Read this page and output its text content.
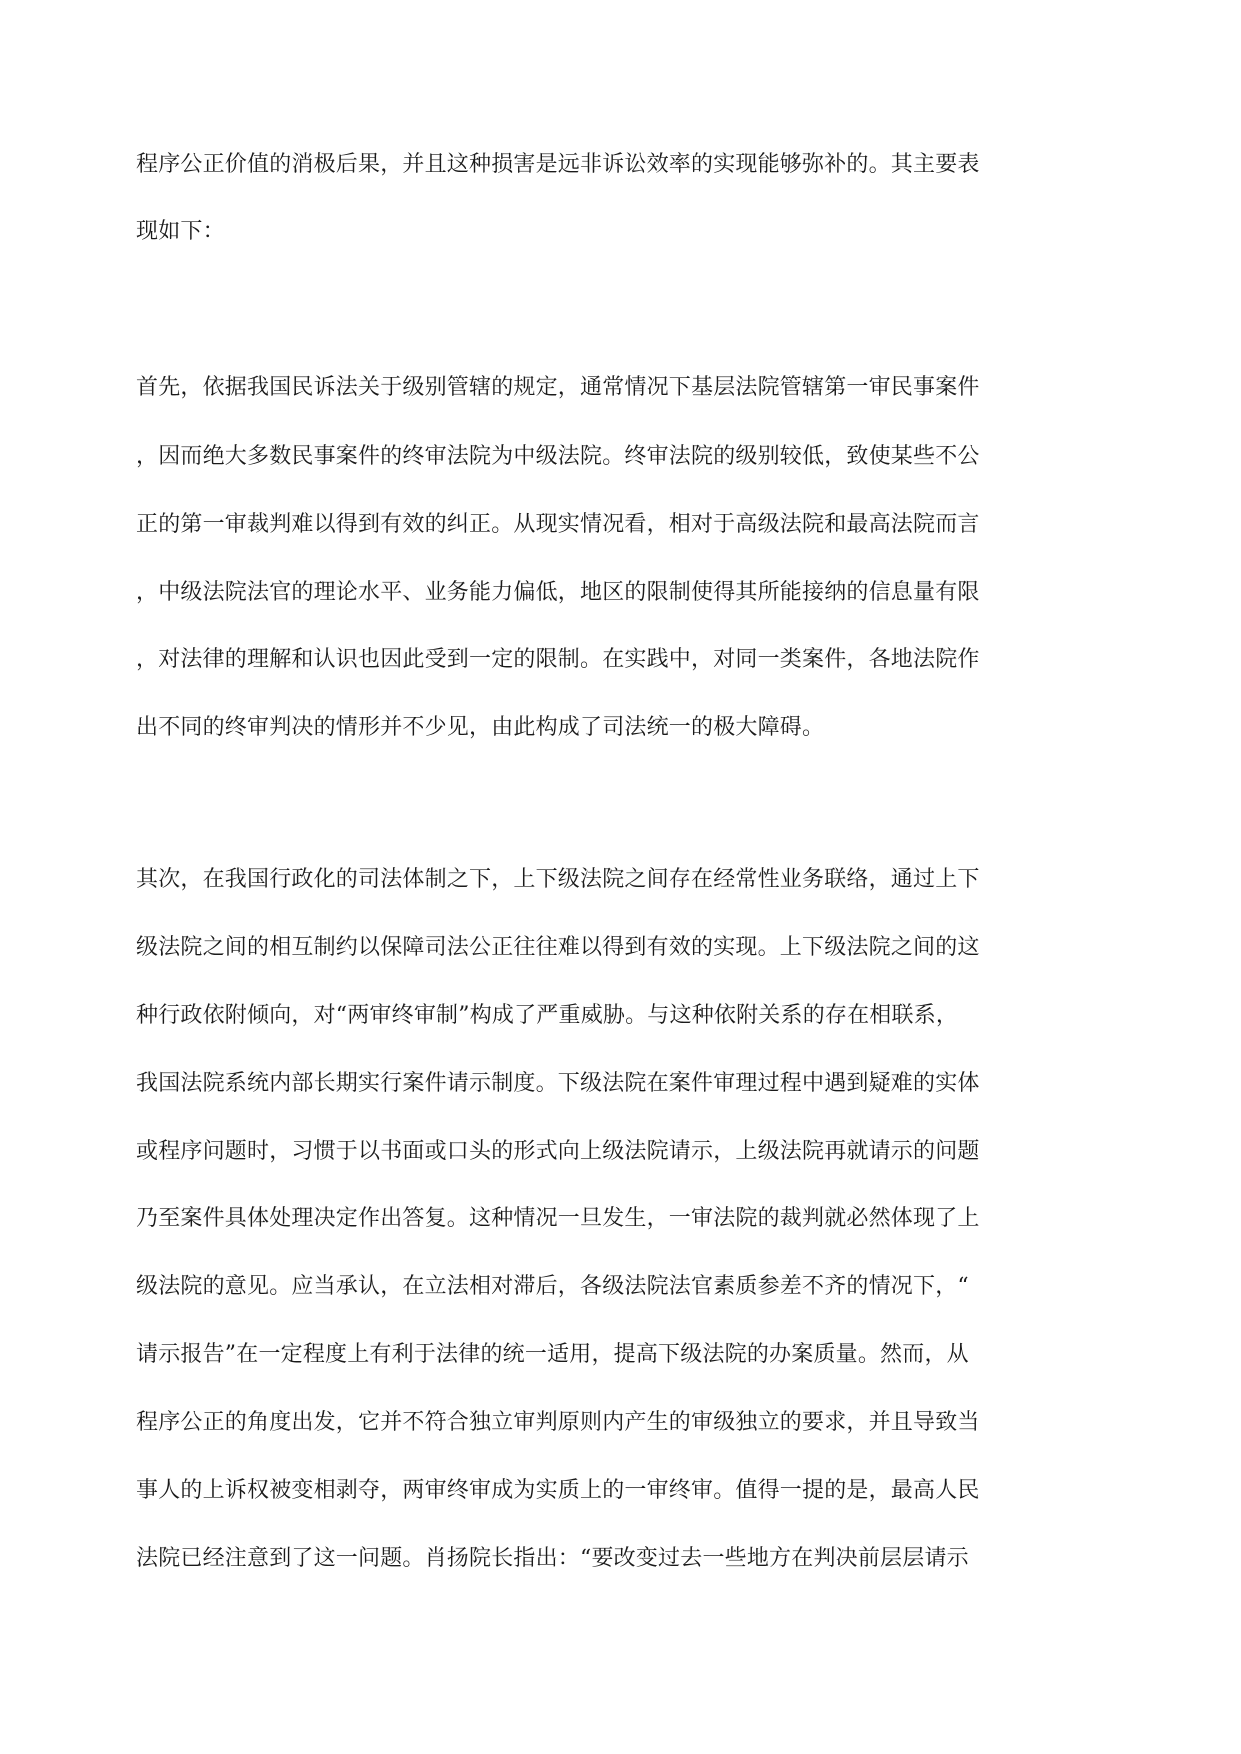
程序公正价值的消极后果，并且这种损害是远非诉讼效率的实现能够弥补的。其主要表
现如下：
首先，依据我国民诉法关于级别管辖的规定，通常情况下基层法院管辖第一审民事案件
，因而绝大多数民事案件的终审法院为中级法院。终审法院的级别较低，致使某些不公
正的第一审裁判难以得到有效的纠正。从现实情况看，相对于高级法院和最高法院而言
，中级法院法官的理论水平、业务能力偏低，地区的限制使得其所能接纳的信息量有限
，对法律的理解和认识也因此受到一定的限制。在实践中，对同一类案件，各地法院作
出不同的终审判决的情形并不少见，由此构成了司法统一的极大障碍。
其次，在我国行政化的司法体制之下，上下级法院之间存在经常性业务联络，通过上下
级法院之间的相互制约以保障司法公正往往难以得到有效的实现。上下级法院之间的这
种行政依附倾向，对“两审终审制”构成了严重威胁。与这种依附关系的存在相联系，
我国法院系统内部长期实行案件请示制度。下级法院在案件审理过程中遇到疑难的实体
或程序问题时，习惯于以书面或口头的形式向上级法院请示，上级法院再就请示的问题
乃至案件具体处理决定作出答复。这种情况一旦发生，一审法院的裁判就必然体现了上
级法院的意见。应当承认，在立法相对滞后，各级法院法官素质参差不齐的情况下，“
请示报告”在一定程度上有利于法律的统一适用，提高下级法院的办案质量。然而，从
程序公正的角度出发，它并不符合独立审判原则内产生的审级独立的要求，并且导致当
事人的上诉权被变相剥夺，两审终审成为实质上的一审终审。值得一提的是，最高人民
法院已经注意到了这一问题。肖扬院长指出：“要改变过去一些地方在判决前层层请示
